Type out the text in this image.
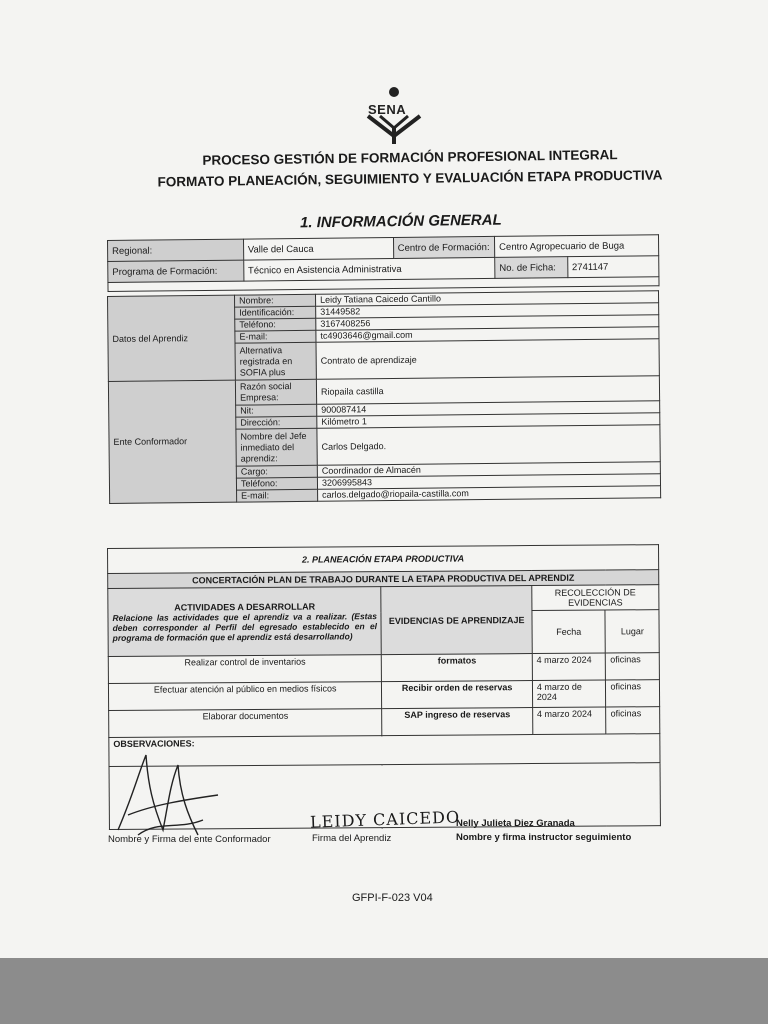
SENA
PROCESO GESTIÓN DE FORMACIÓN PROFESIONAL INTEGRAL
FORMATO PLANEACIÓN, SEGUIMIENTO Y EVALUACIÓN ETAPA PRODUCTIVA
1. INFORMACIÓN GENERAL
Regional:	Valle del Cauca	Centro de Formación:	Centro Agropecuario de Buga	
Programa de Formación:	Técnico en Asistencia Administrativa		No. de Ficha:	2741147

Datos del Aprendiz	Nombre:	Leidy Tatiana Caicedo Cantillo
	Identificación:	31449582
	Teléfono:	3167408256
	E-mail:	tc4903646@gmail.com
	Alternativa registrada en SOFIA plus	Contrato de aprendizaje
Ente Conformador	Razón social Empresa:	Riopaila castilla
	Nit:	900087414
	Dirección:	Kilómetro 1
	Nombre del Jefe inmediato del aprendiz:	Carlos Delgado.
	Cargo:	Coordinador de Almacén
	Teléfono:	3206995843
	E-mail:	carlos.delgado@riopaila-castilla.com
2. PLANEACIÓN ETAPA PRODUCTIVA			
CONCERTACIÓN PLAN DE TRABAJO DURANTE LA ETAPA PRODUCTIVA DEL APRENDIZ			

ACTIVIDADES A DESARROLLAR
Relacione las actividades que el aprendiz va a realizar. (Estas deben corresponder al Perfil del egresado establecido en el programa de formación que el aprendiz está desarrollando)	EVIDENCIAS DE APRENDIZAJE	RECOLECCIÓN DE EVIDENCIAS	
		Fecha	Lugar
Realizar control de inventarios	formatos	4 marzo 2024	oficinas
Efectuar atención al público en medios físicos	Recibir orden de reservas	4 marzo de 2024	oficinas
Elaborar documentos	SAP ingreso de reservas	4 marzo 2024	oficinas
OBSERVACIONES:			

LEIDY CAICEDO
Nombre y Firma del ente Conformador	Firma del Aprendiz
Nelly Julieta Diez Granada
Nombre y firma instructor seguimiento
GFPI-F-023 V04
